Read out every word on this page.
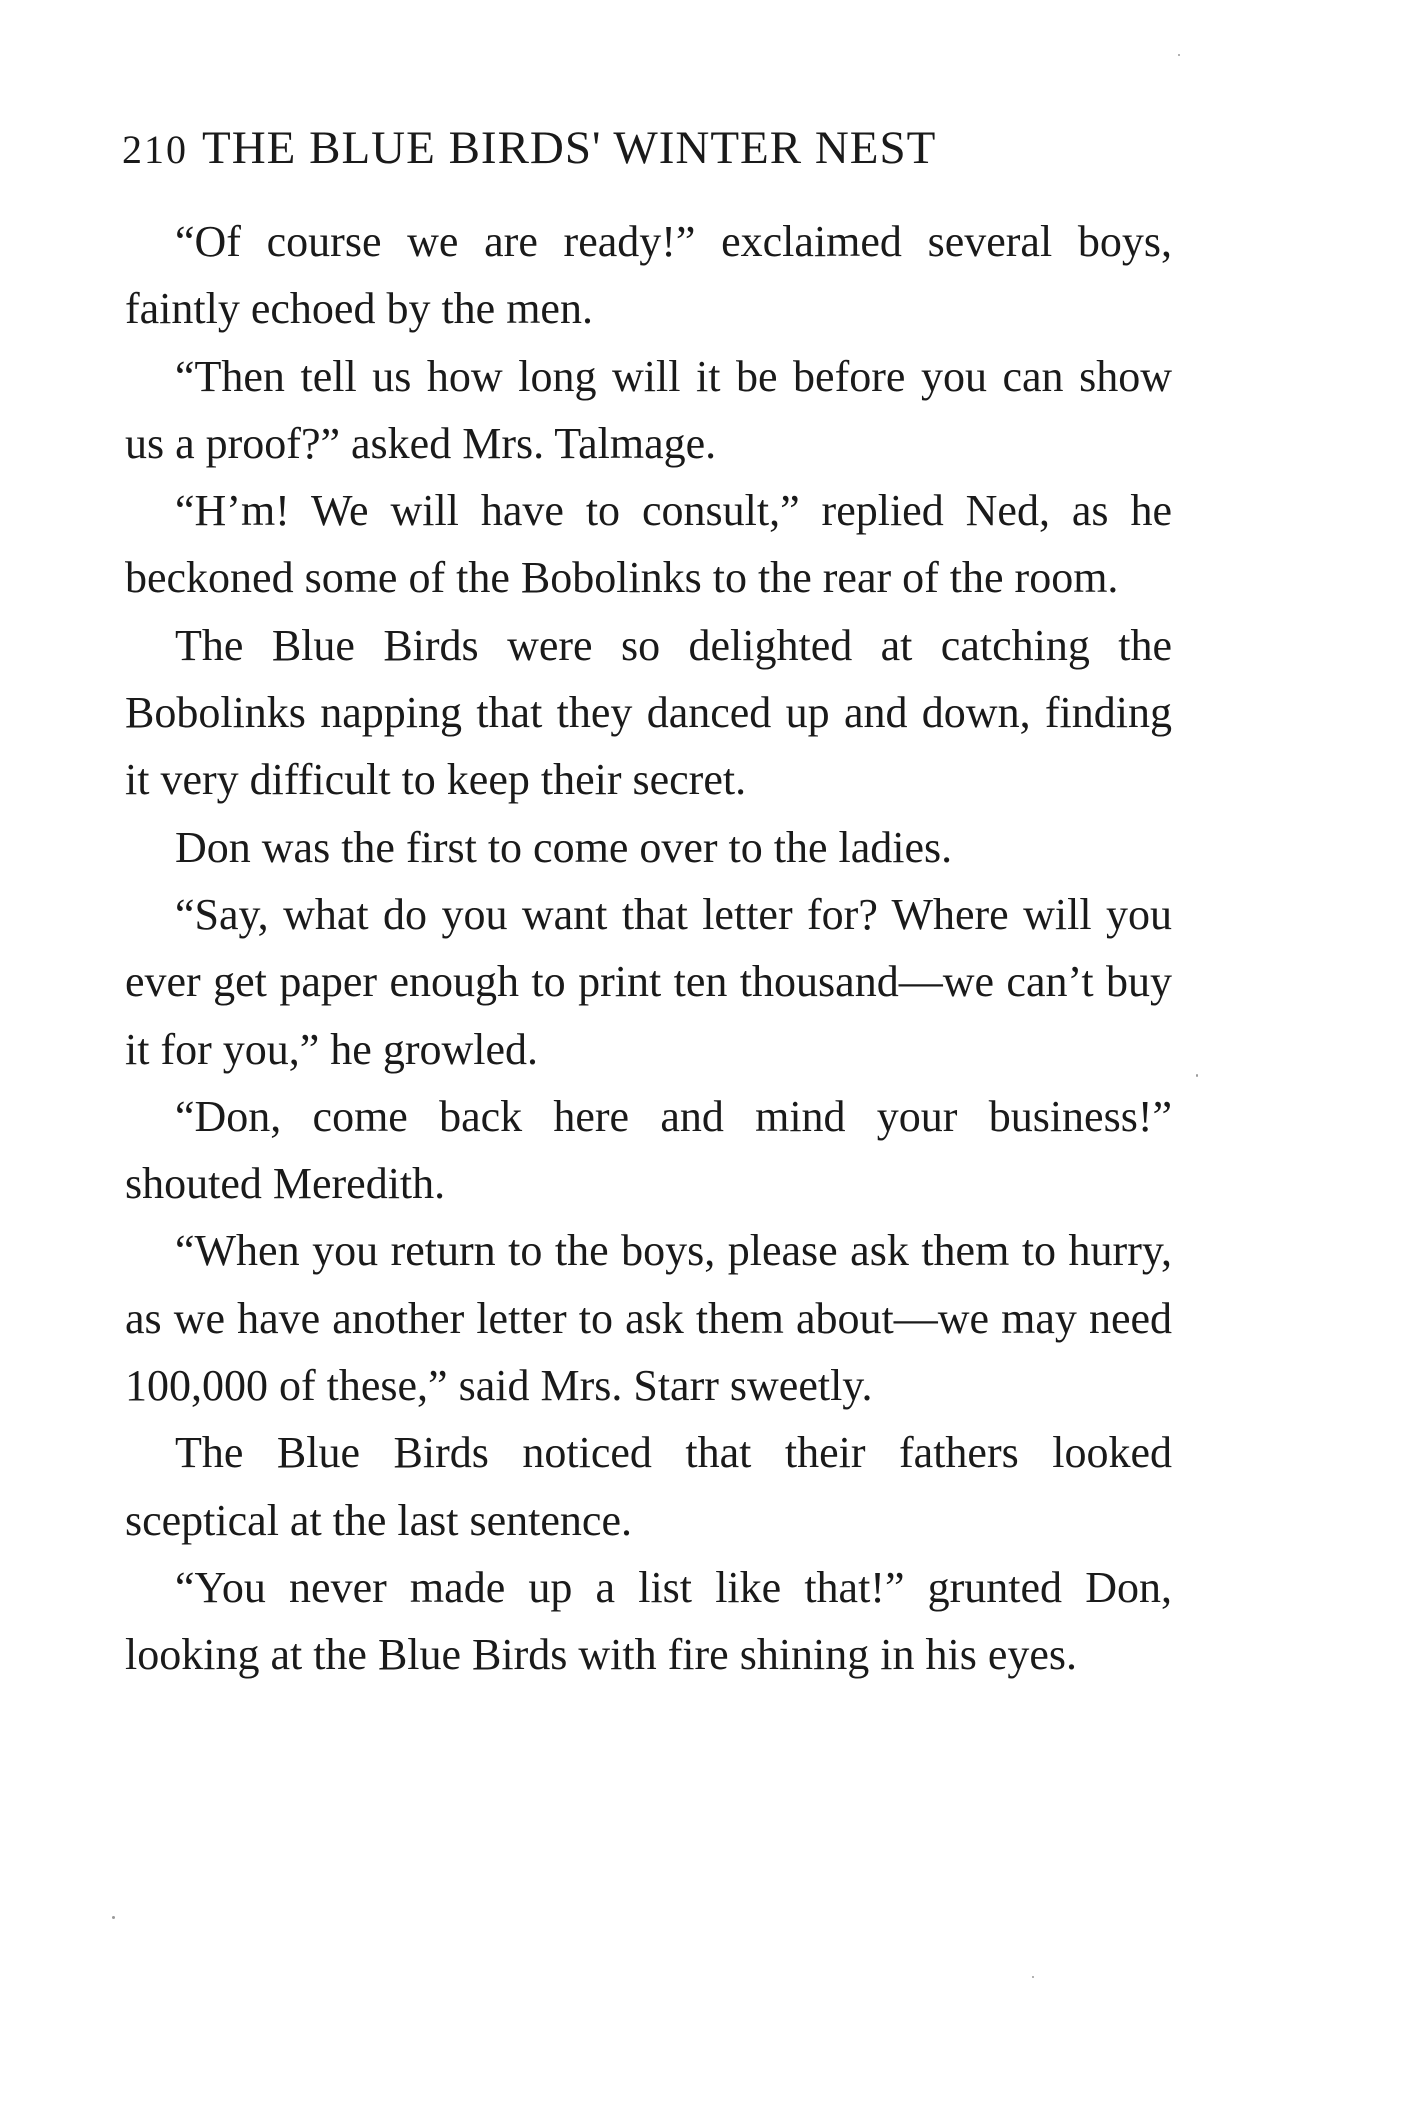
210 THE BLUE BIRDS' WINTER NEST

“Of course we are ready!” exclaimed several boys, faintly echoed by the men.

“Then tell us how long will it be before you can show us a proof?” asked Mrs. Talmage.

“H’m! We will have to consult,” replied Ned, as he beckoned some of the Bobolinks to the rear of the room.

The Blue Birds were so delighted at catching the Bobolinks napping that they danced up and down, finding it very difficult to keep their secret.

Don was the first to come over to the ladies.

“Say, what do you want that letter for? Where will you ever get paper enough to print ten thousand—we can’t buy it for you,” he growled.

“Don, come back here and mind your business!” shouted Meredith.

“When you return to the boys, please ask them to hurry, as we have another letter to ask them about—we may need 100,000 of these,” said Mrs. Starr sweetly.

The Blue Birds noticed that their fathers looked sceptical at the last sentence.

“You never made up a list like that!” grunted Don, looking at the Blue Birds with fire shining in his eyes.
